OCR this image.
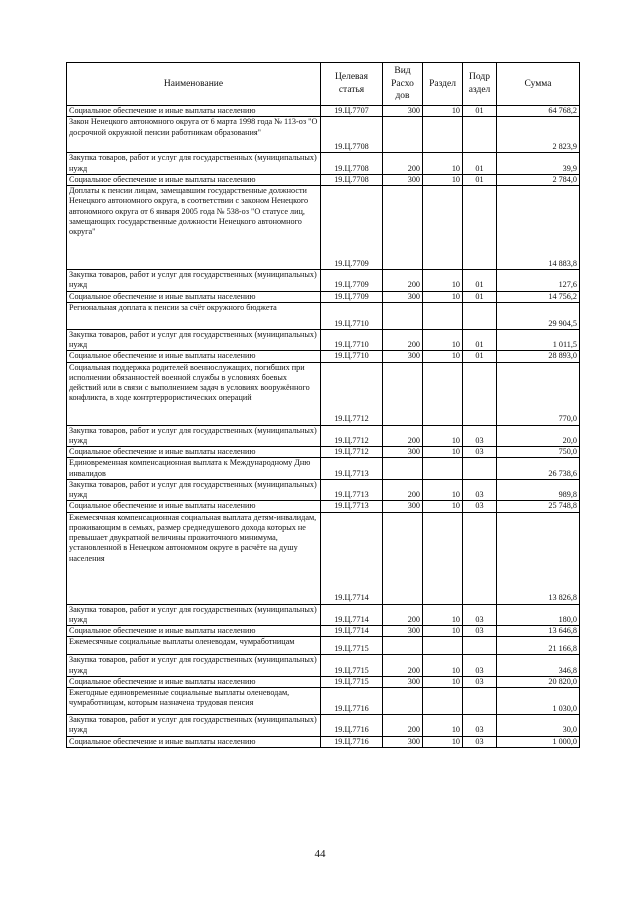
Наименование	Целевая статья	Вид Расхо дов	Раздел	Подр аздел	Сумма
Социальное обеспечение и иные выплаты населению	19.Ц.7707	300	10	01	64 768,2
Закон Ненецкого автономного округа от 6 марта 1998 года № 113-оз "О досрочной окружной пенсии работникам образования"	19.Ц.7708				2 823,9
Закупка товаров, работ и услуг для государственных (муниципальных) нужд	19.Ц.7708	200	10	01	39,9
Социальное обеспечение и иные выплаты населению	19.Ц.7708	300	10	01	2 784,0
Доплаты к пенсии лицам, замещавшим государственные должности Ненецкого автономного округа, в соответствии с законом Ненецкого автономного округа от 6 января 2005 года № 538-оз "О статусе лиц, замещающих государственные должности Ненецкого автономного округа"	19.Ц.7709				14 883,8
Закупка товаров, работ и услуг для государственных (муниципальных) нужд	19.Ц.7709	200	10	01	127,6
Социальное обеспечение и иные выплаты населению	19.Ц.7709	300	10	01	14 756,2
Региональная доплата к пенсии за счёт окружного бюджета	19.Ц.7710				29 904,5
Закупка товаров, работ и услуг для государственных (муниципальных) нужд	19.Ц.7710	200	10	01	1 011,5
Социальное обеспечение и иные выплаты населению	19.Ц.7710	300	10	01	28 893,0
Социальная поддержка родителей военнослужащих, погибших при исполнении обязанностей военной службы в условиях боевых действий или в связи с выполнением задач в условиях вооружённого конфликта, в ходе контртеррористических операций	19.Ц.7712				770,0
Закупка товаров, работ и услуг для государственных (муниципальных) нужд	19.Ц.7712	200	10	03	20,0
Социальное обеспечение и иные выплаты населению	19.Ц.7712	300	10	03	750,0
Единовременная компенсационная выплата к Международному Дню инвалидов	19.Ц.7713				26 738,6
Закупка товаров, работ и услуг для государственных (муниципальных) нужд	19.Ц.7713	200	10	03	989,8
Социальное обеспечение и иные выплаты населению	19.Ц.7713	300	10	03	25 748,8
Ежемесячная компенсационная социальная выплата детям-инвалидам, проживающим в семьях, размер среднедушевого дохода которых не превышает двукратной величины прожиточного минимума, установленной в Ненецком автономном округе в расчёте на душу населения	19.Ц.7714				13 826,8
Закупка товаров, работ и услуг для государственных (муниципальных) нужд	19.Ц.7714	200	10	03	180,0
Социальное обеспечение и иные выплаты населению	19.Ц.7714	300	10	03	13 646,8
Ежемесячные социальные выплаты оленеводам, чумработницам	19.Ц.7715				21 166,8
Закупка товаров, работ и услуг для государственных (муниципальных) нужд	19.Ц.7715	200	10	03	346,8
Социальное обеспечение и иные выплаты населению	19.Ц.7715	300	10	03	20 820,0
Ежегодные единовременные социальные выплаты оленеводам, чумработницам, которым назначена трудовая пенсия	19.Ц.7716				1 030,0
Закупка товаров, работ и услуг для государственных (муниципальных) нужд	19.Ц.7716	200	10	03	30,0
Социальное обеспечение и иные выплаты населению	19.Ц.7716	300	10	03	1 000,0
44
